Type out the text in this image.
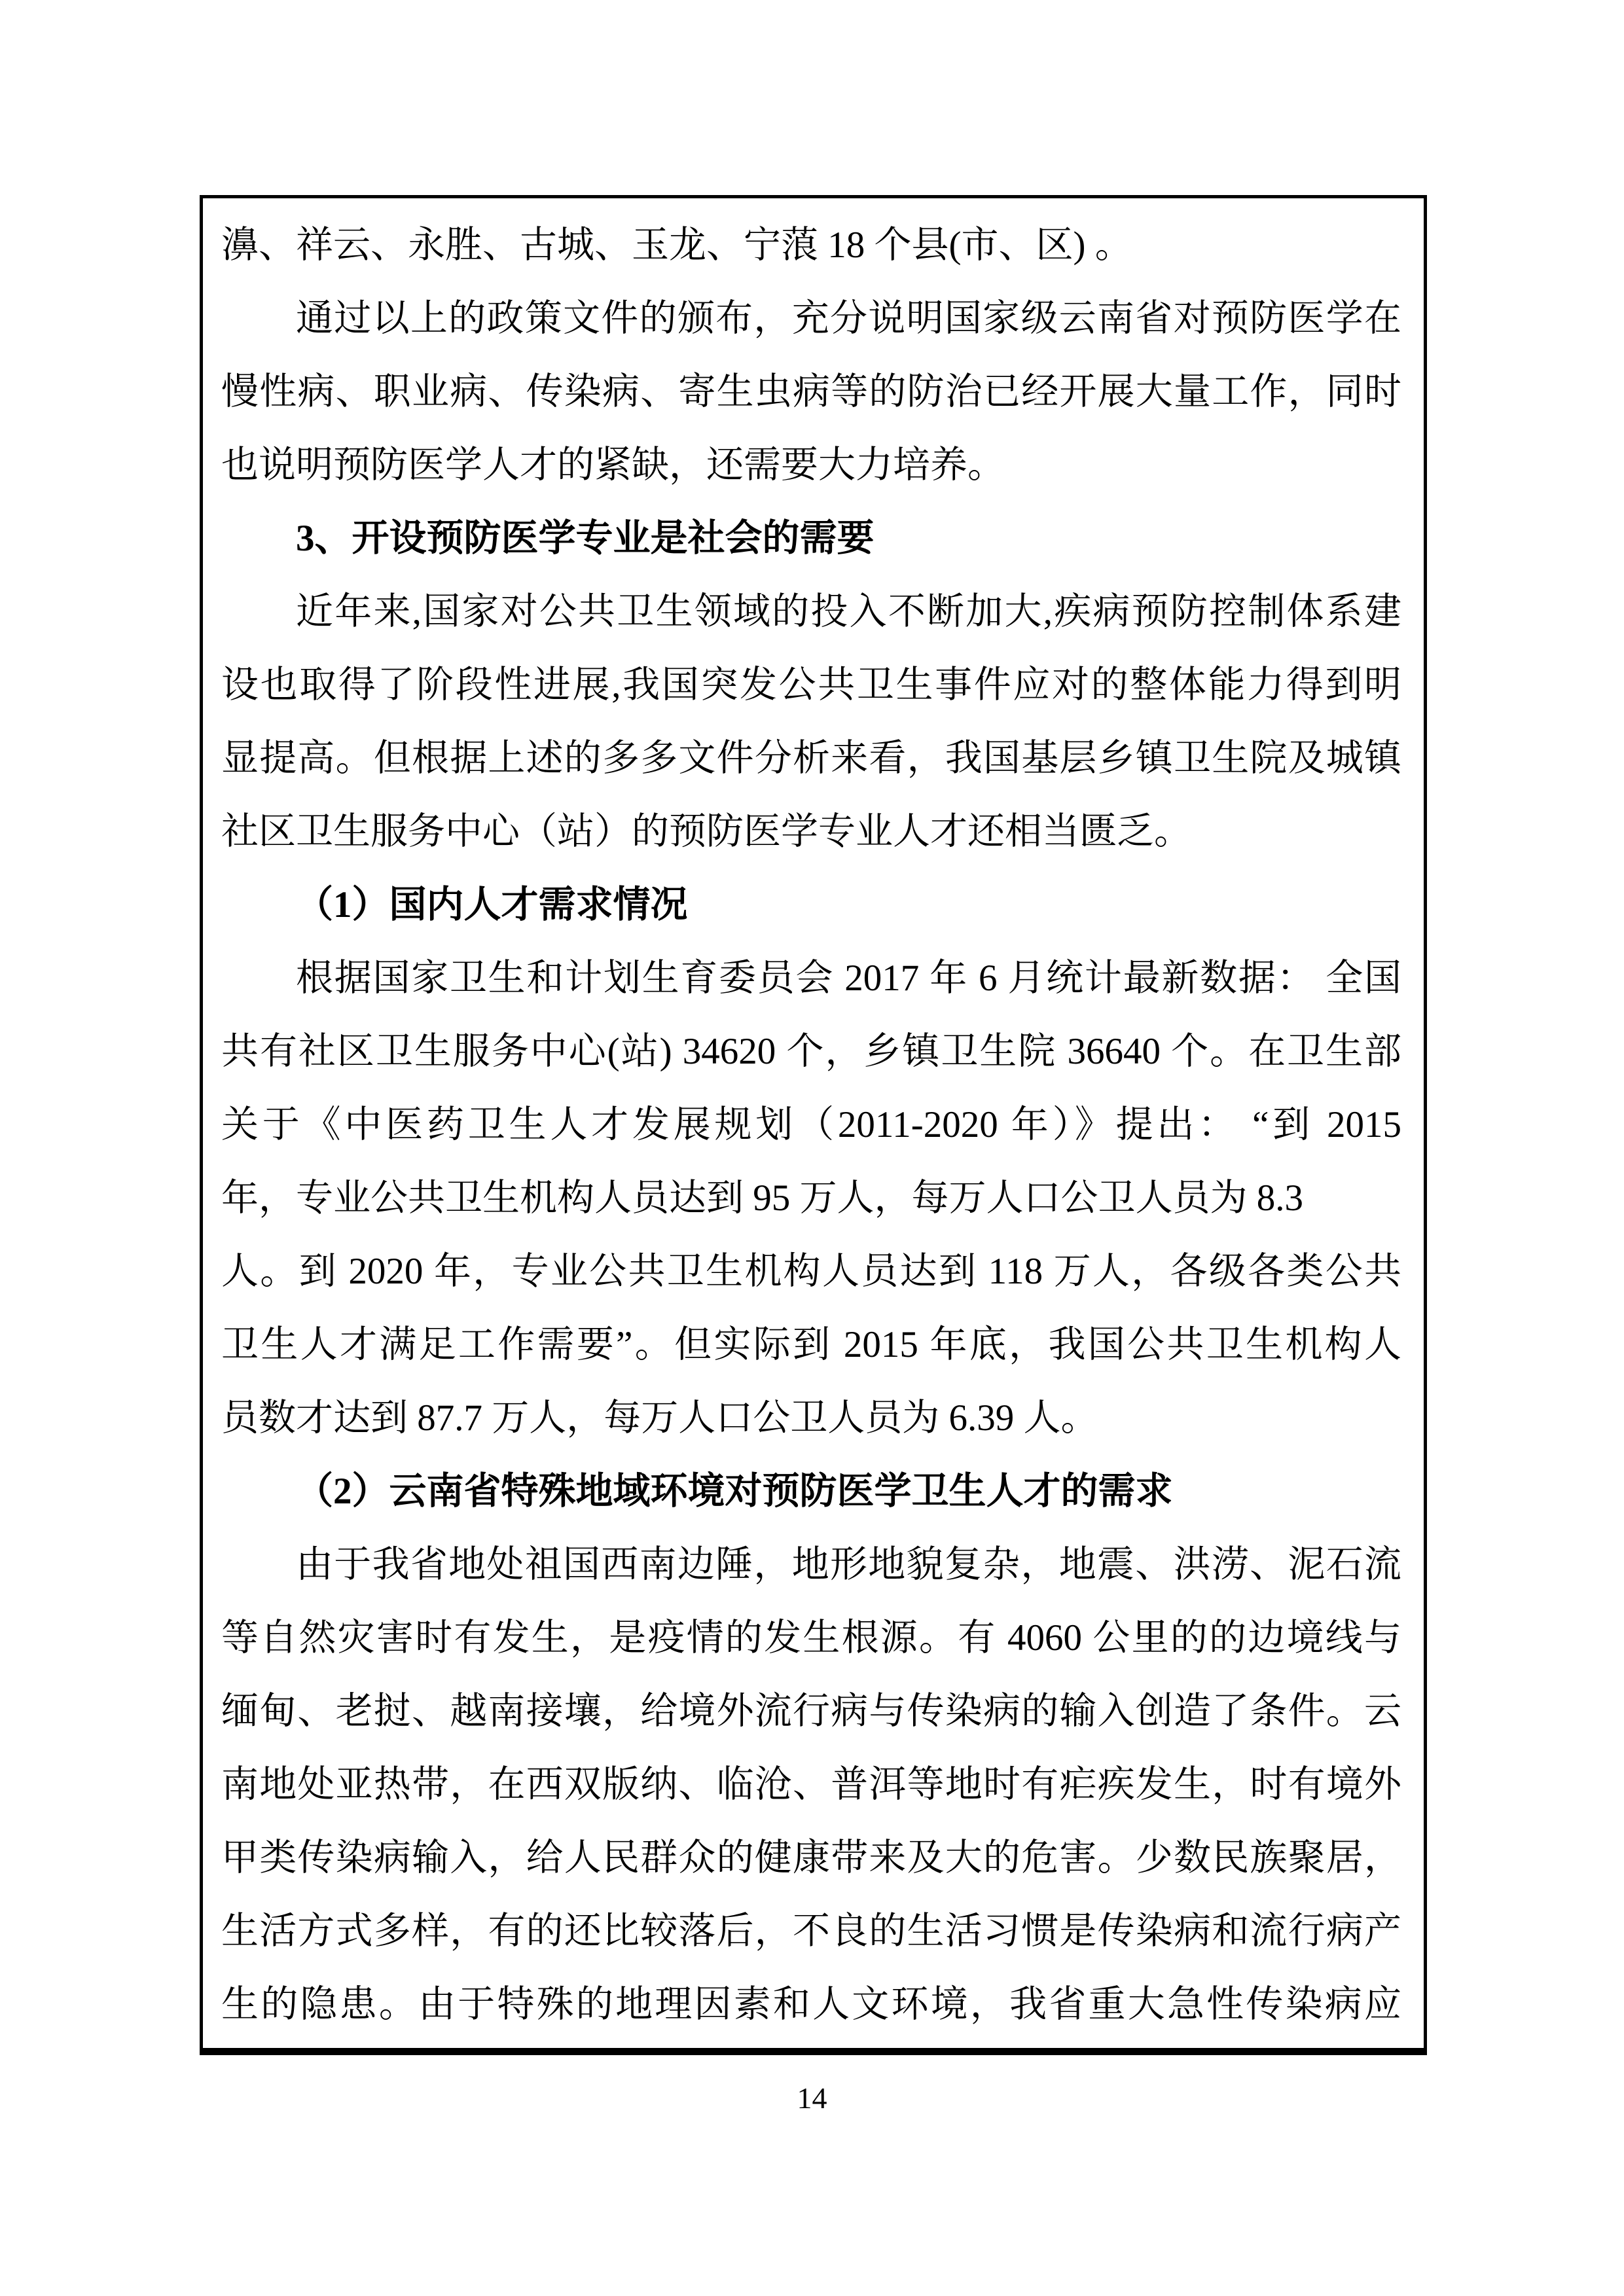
濞、祥云、永胜、古城、玉龙、宁蒗 18 个县(市、区) 。
通过以上的政策文件的颁布，充分说明国家级云南省对预防医学在
慢性病、职业病、传染病、寄生虫病等的防治已经开展大量工作，同时
也说明预防医学人才的紧缺，还需要大力培养。
3、开设预防医学专业是社会的需要
近年来,国家对公共卫生领域的投入不断加大,疾病预防控制体系建
设也取得了阶段性进展,我国突发公共卫生事件应对的整体能力得到明
显提高。但根据上述的多多文件分析来看，我国基层乡镇卫生院及城镇
社区卫生服务中心（站）的预防医学专业人才还相当匮乏。
（1）国内人才需求情况
根据国家卫生和计划生育委员会 2017 年 6 月统计最新数据： 全国
共有社区卫生服务中心(站) 34620 个，乡镇卫生院 36640 个。在卫生部
关于《中医药卫生人才发展规划（2011-2020 年）》提出： “到 2015
年，专业公共卫生机构人员达到 95 万人，每万人口公卫人员为 8.3
人。到 2020 年，专业公共卫生机构人员达到 118 万人，各级各类公共
卫生人才满足工作需要”。但实际到 2015 年底，我国公共卫生机构人
员数才达到 87.7 万人，每万人口公卫人员为 6.39 人。
（2）云南省特殊地域环境对预防医学卫生人才的需求
由于我省地处祖国西南边陲，地形地貌复杂，地震、洪涝、泥石流
等自然灾害时有发生，是疫情的发生根源。有 4060 公里的的边境线与
缅甸、老挝、越南接壤，给境外流行病与传染病的输入创造了条件。云
南地处亚热带，在西双版纳、临沧、普洱等地时有疟疾发生，时有境外
甲类传染病输入，给人民群众的健康带来及大的危害。少数民族聚居，
生活方式多样，有的还比较落后，不良的生活习惯是传染病和流行病产
生的隐患。由于特殊的地理因素和人文环境，我省重大急性传染病应
14
